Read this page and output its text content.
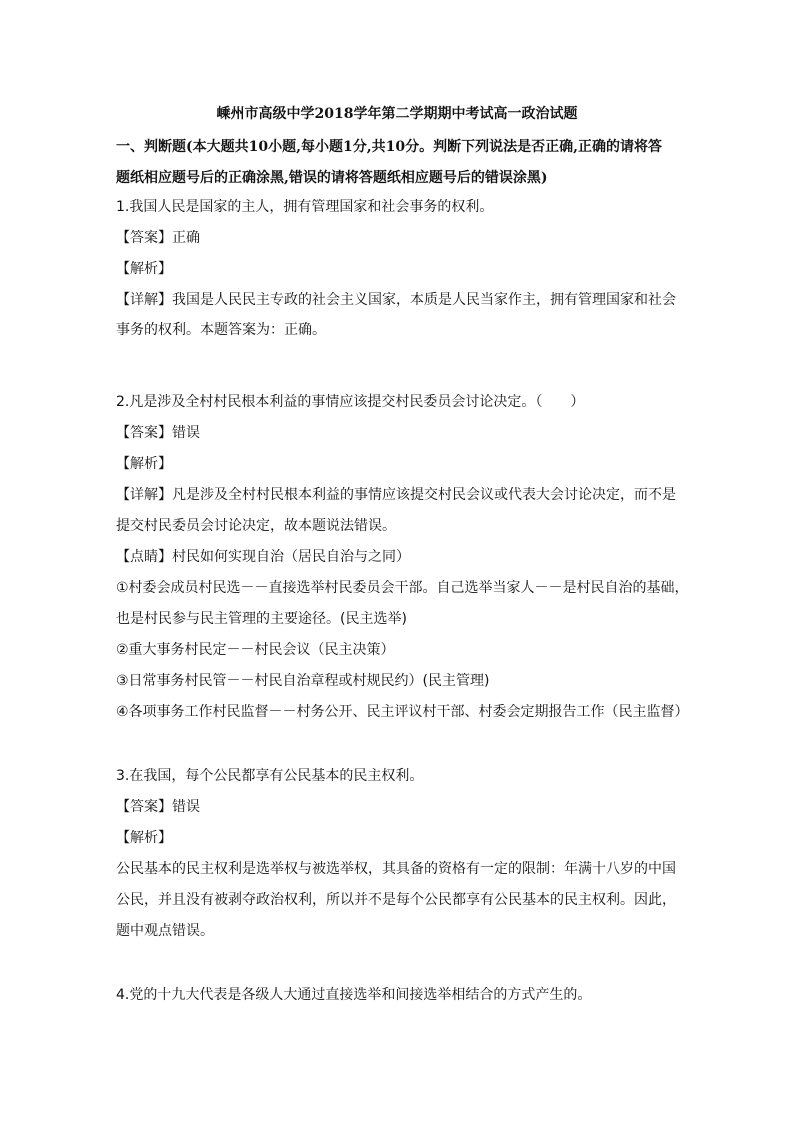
嵊州市高级中学2018学年第二学期期中考试高一政治试题
一、判断题(本大题共10小题,每小题1分,共10分。判断下列说法是否正确,正确的请将答
题纸相应题号后的正确涂黑,错误的请将答题纸相应题号后的错误涂黑)

1.我国人民是国家的主人，拥有管理国家和社会事务的权利。

【答案】正确

【解析】

【详解】我国是人民民主专政的社会主义国家，本质是人民当家作主，拥有管理国家和社会

事务的权利。本题答案为：正确。

2.凡是涉及全村村民根本利益的事情应该提交村民委员会讨论决定。（　　）

【答案】错误

【解析】

【详解】凡是涉及全村村民根本利益的事情应该提交村民会议或代表大会讨论决定，而不是

提交村民委员会讨论决定，故本题说法错误。

【点睛】村民如何实现自治（居民自治与之同）

①村委会成员村民选－－直接选举村民委员会干部。自己选举当家人－－是村民自治的基础，

也是村民参与民主管理的主要途径。(民主选举)

②重大事务村民定－－村民会议（民主决策）

③日常事务村民管－－村民自治章程或村规民约）(民主管理)

④各项事务工作村民监督－－村务公开、民主评议村干部、村委会定期报告工作（民主监督）

3.在我国，每个公民都享有公民基本的民主权利。

【答案】错误

【解析】

公民基本的民主权利是选举权与被选举权，其具备的资格有一定的限制：年满十八岁的中国

公民，并且没有被剥夺政治权利，所以并不是每个公民都享有公民基本的民主权利。因此，

题中观点错误。

4.党的十九大代表是各级人大通过直接选举和间接选举相结合的方式产生的。
